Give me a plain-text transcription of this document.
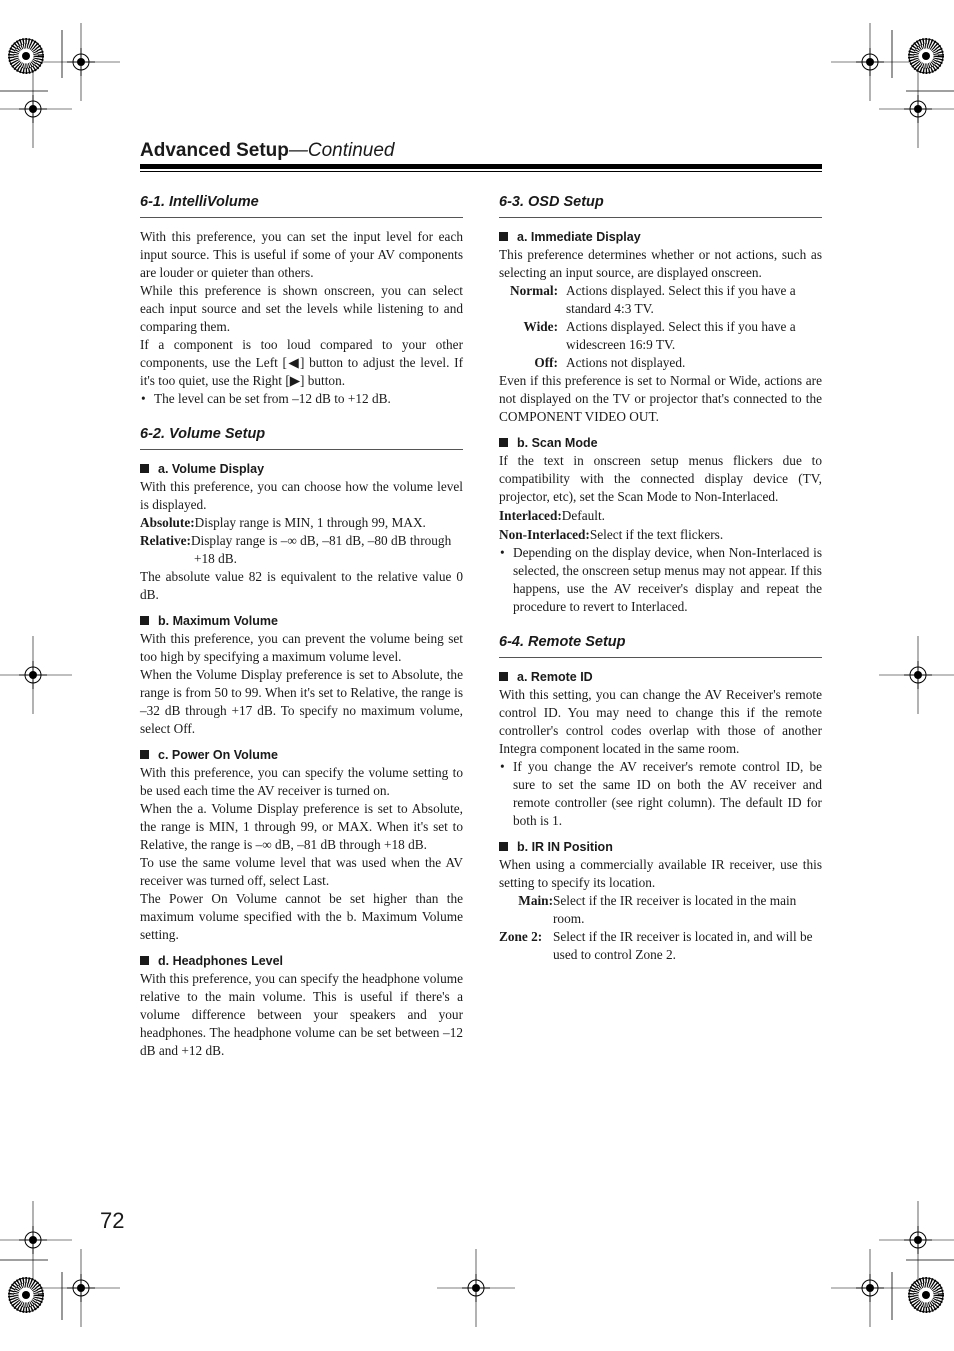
Advanced Setup—Continued
6-1. IntelliVolume

With this preference, you can set the input level for each input source. This is useful if some of your AV components are louder or quieter than others.

While this preference is shown onscreen, you can select each input source and set the levels while listening to and comparing them.

If a component is too loud compared to your other components, use the Left [◀] button to adjust the level. If it's too quiet, use the Right [▶] button.

• The level can be set from –12 dB to +12 dB.
6-2. Volume Setup
a. Volume Display

With this preference, you can choose how the volume level is displayed.

Absolute:Display range is MIN, 1 through 99, MAX.
Relative:Display range is –∞ dB, –81 dB, –80 dB through +18 dB.

The absolute value 82 is equivalent to the relative value 0 dB.

b. Maximum Volume

With this preference, you can prevent the volume being set too high by specifying a maximum volume level.

When the Volume Display preference is set to Absolute, the range is from 50 to 99. When it's set to Relative, the range is –32 dB through +17 dB. To specify no maximum volume, select Off.

c. Power On Volume

With this preference, you can specify the volume setting to be used each time the AV receiver is turned on.

When the a. Volume Display preference is set to Absolute, the range is MIN, 1 through 99, or MAX. When it's set to Relative, the range is –∞ dB, –81 dB through +18 dB.

To use the same volume level that was used when the AV receiver was turned off, select Last.

The Power On Volume cannot be set higher than the maximum volume specified with the b. Maximum Volume setting.

d. Headphones Level

With this preference, you can specify the headphone volume relative to the main volume. This is useful if there's a volume difference between your speakers and your headphones. The headphone volume can be set between –12 dB and +12 dB.

6-3. OSD Setup
a. Immediate Display

This preference determines whether or not actions, such as selecting an input source, are displayed onscreen.

Normal: Actions displayed. Select this if you have a standard 4:3 TV.
Wide: Actions displayed. Select this if you have a widescreen 16:9 TV.
Off: Actions not displayed.

Even if this preference is set to Normal or Wide, actions are not displayed on the TV or projector that's connected to the COMPONENT VIDEO OUT.

b. Scan Mode

If the text in onscreen setup menus flickers due to compatibility with the connected display device (TV, projector, etc), set the Scan Mode to Non-Interlaced.

Interlaced:Default.
Non-Interlaced:Select if the text flickers.
• Depending on the display device, when Non-Interlaced is selected, the onscreen setup menus may not appear. If this happens, use the AV receiver's display and repeat the procedure to revert to Interlaced.
6-4. Remote Setup
a. Remote ID

With this setting, you can change the AV Receiver's remote control ID. You may need to change this if the remote controller's control codes overlap with those of another Integra component located in the same room.

• If you change the AV receiver's remote control ID, be sure to set the same ID on both the AV receiver and remote controller (see right column). The default ID for both is 1.
b. IR IN Position

When using a commercially available IR receiver, use this setting to specify its location.

Main: Select if the IR receiver is located in the main room.
Zone 2: Select if the IR receiver is located in, and will be used to control Zone 2.
72
